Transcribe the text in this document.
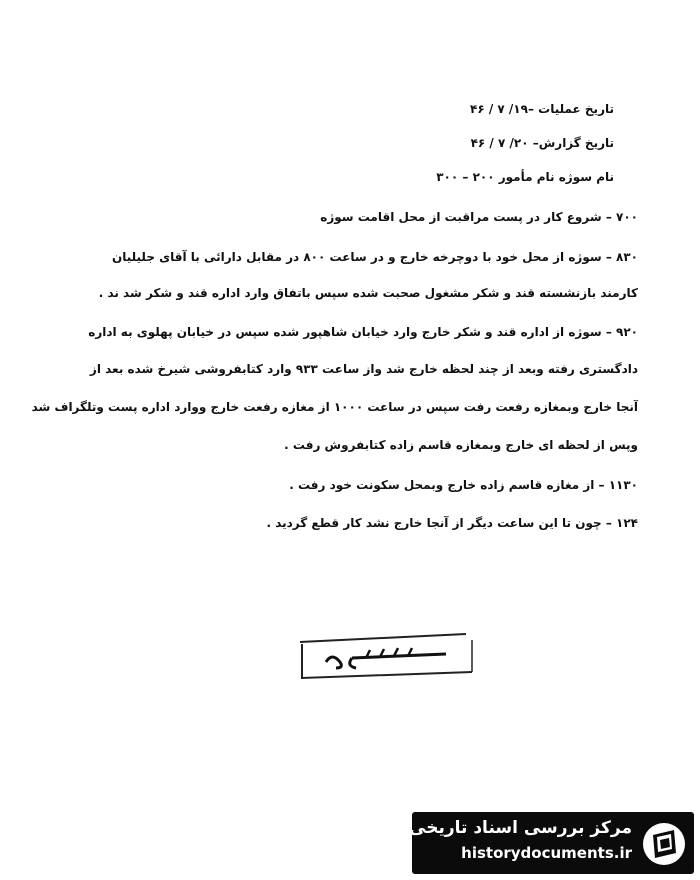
تاریخ عملیات –۱۹/ ۷ / ۴۶
تاریخ گزارش– ۲۰/ ۷ / ۴۶
نام سوژه نام مأمور ۲۰۰ – ۳۰۰
۷۰۰ – شروع کار در پست مراقبت از محل اقامت سوژه
۸۳۰ – سوژه از محل خود با دوچرخه خارج و در ساعت ۸۰۰ در مقابل دارائی با آقای جلیلیان
کارمند بازنشسته قند و شکر مشغول صحبت شده سپس باتفاق وارد اداره قند و شکر شد ند .
۹۲۰ – سوژه از اداره قند و شکر خارج وارد خیابان شاهپور شده سپس در خیابان پهلوی به اداره
دادگستری رفته وبعد از چند لحظه خارج شد واز ساعت ۹۳۳ وارد کتابفروشی شیرخ شده بعد از
آنجا خارج وبمغازه رفعت رفت سپس در ساعت ۱۰۰۰ از مغازه رفعت خارج ووارد اداره پست وتلگراف شد
وپس از لحظه ای خارج وبمغازه قاسم زاده کتابفروش رفت .
۱۱۳۰ – از مغازه قاسم زاده خارج وبمحل سکونت خود رفت .
۱۲۴ – چون تا این ساعت دیگر از آنجا خارج نشد کار قطع گردید .
مرکز بررسی اسناد تاریخی
historydocuments.ir
